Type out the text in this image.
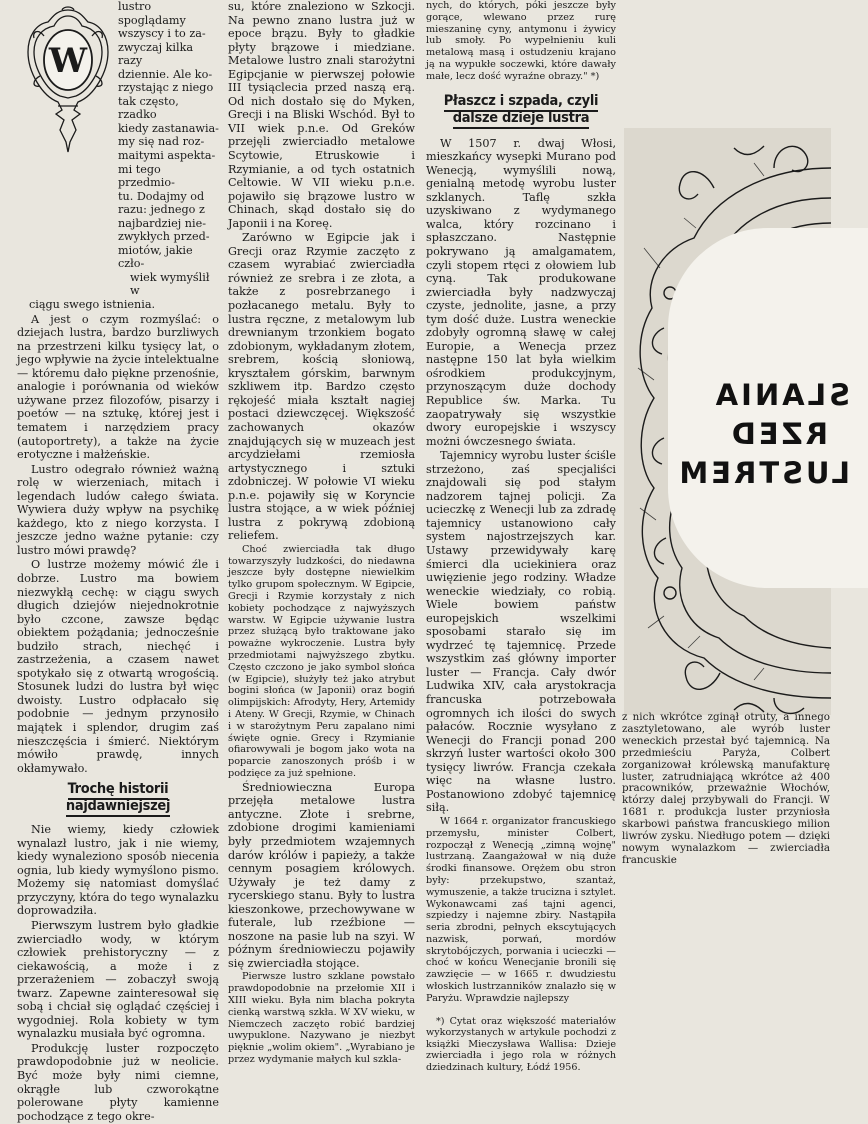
W
lustro spoglądamy
wszyscy i to za-
zwyczaj kilka razy
dziennie. Ale ko-
rzystając z niego
tak często, rzadko
kiedy zastanawia-
my się nad roz-
maitymi aspekta-
mi tego przedmio-
tu. Dodajmy od
razu: jednego z
najbardziej nie-
zwykłych przed-
miotów, jakie czło-
wiek wymyślił w

ciągu swego istnienia.

A jest o czym rozmyślać: o dziejach lustra, bardzo burzliwych na przestrzeni kilku tysięcy lat, o jego wpływie na życie intelektualne — któremu dało piękne przenośnie, analogie i porównania od wieków używane przez filozofów, pisarzy i poetów — na sztukę, której jest i tematem i narzędziem pracy (autoportrety), a także na życie erotyczne i małżeńskie.

Lustro odegrało również ważną rolę w wierzeniach, mitach i legendach ludów całego świata. Wywiera duży wpływ na psychikę każdego, kto z niego korzysta. I jeszcze jedno ważne pytanie: czy lustro mówi prawdę?

O lustrze możemy mówić źle i dobrze. Lustro ma bowiem niezwykłą cechę: w ciągu swych długich dziejów niejednokrotnie było czcone, zawsze będąc obiektem pożądania; jednocześnie budziło strach, niechęć i zastrzeżenia, a czasem nawet spotykało się z otwartą wrogością. Stosunek ludzi do lustra był więc dwoisty. Lustro odpłacało się podobnie — jednym przynosiło majątek i splendor, drugim zaś nieszczęścia i śmierć. Niektórym mówiło prawdę, innych okłamywało.

Trochę historii najdawniejszej

Nie wiemy, kiedy człowiek wynalazł lustro, jak i nie wiemy, kiedy wynaleziono sposób niecenia ognia, lub kiedy wymyślono pismo. Możemy się natomiast domyślać przyczyny, która do tego wynalazku doprowadziła.

Pierwszym lustrem było gładkie zwierciadło wody, w którym człowiek prehistoryczny — z ciekawością, a może i z przerażeniem — zobaczył swoją twarz. Zapewne zainteresował się sobą i chciał się oglądać częściej i wygodniej. Rola kobiety w tym wynalazku musiała być ogromna.

Produkcję luster rozpoczęto prawdopodobnie już w neolicie. Być może były nimi ciemne, okrągłe lub czworokątne polerowane płyty kamienne pochodzące z tego okre-

su, które znaleziono w Szkocji. Na pewno znano lustra już w epoce brązu. Były to gładkie płyty brązowe i miedziane. Metalowe lustro znali starożytni Egipcjanie w pierwszej połowie III tysiąclecia przed naszą erą. Od nich dostało się do Myken, Grecji i na Bliski Wschód. Był to VII wiek p.n.e. Od Greków przejęli zwierciadło metalowe Scytowie, Etruskowie i Rzymianie, a od tych ostatnich Celtowie. W VII wieku p.n.e. pojawiło się brązowe lustro w Chinach, skąd dostało się do Japonii i na Koreę.

Zarówno w Egipcie jak i Grecji oraz Rzymie zaczęto z czasem wyrabiać zwierciadła również ze srebra i ze złota, a także z posrebrzanego i pozłacanego metalu. Były to lustra ręczne, z metalowym lub drewnianym trzonkiem bogato zdobionym, wykładanym złotem, srebrem, kością słoniową, kryształem górskim, barwnym szkliwem itp. Bardzo często rękojeść miała kształt nagiej postaci dziewczęcej. Większość zachowanych okazów znajdujących się w muzeach jest arcydziełami rzemiosła artystycznego i sztuki zdobniczej. W połowie VI wieku p.n.e. pojawiły się w Koryncie lustra stojące, a w wiek później lustra z pokrywą zdobioną reliefem.

Choć zwierciadła tak długo towarzyszyły ludzkości, do niedawna jeszcze były dostępne niewielkim tylko grupom społecznym. W Egipcie, Grecji i Rzymie korzystały z nich kobiety pochodzące z najwyższych warstw. W Egipcie używanie lustra przez służącą było traktowane jako poważne wykroczenie. Lustra były przedmiotami najwyższego zbytku. Często czczono je jako symbol słońca (w Egipcie), służyły też jako atrybut bogini słońca (w Japonii) oraz bogiń olimpijskich: Afrodyty, Hery, Artemidy i Ateny. W Grecji, Rzymie, w Chinach i w starożytnym Peru zapalano nimi święte ognie. Grecy i Rzymianie ofiarowywali je bogom jako wota na poparcie zanoszonych próśb i w podzięce za już spełnione.

Średniowieczna Europa przejęła metalowe lustra antyczne. Złote i srebrne, zdobione drogimi kamieniami były przedmiotem wzajemnych darów królów i papieży, a także cennym posagiem królowych. Używały je też damy z rycerskiego stanu. Były to lustra kieszonkowe, przechowywane w futerale, lub rzeźbione — noszone na pasie lub na szyi. W późnym średniowieczu pojawiły się zwierciadła stojące.

Pierwsze lustro szklane powstało prawdopodobnie na przełomie XII i XIII wieku. Była nim blacha pokryta cienką warstwą szkła. W XV wieku, w Niemczech zaczęto robić bardziej uwypuklone. Nazywano je niezbyt pięknie „wolim okiem". „Wyrabiano je przez wydymanie małych kul szkla-

nych, do których, póki jeszcze były gorące, wlewano przez rurę mieszaninę cyny, antymonu i żywicy lub smoły. Po wypełnieniu kuli metalową masą i ostudzeniu krajano ją na wypukłe soczewki, które dawały małe, lecz dość wyraźne obrazy." *)

Płaszcz i szpada, czyli dalsze dzieje lustra

W 1507 r. dwaj Włosi, mieszkańcy wysepki Murano pod Wenecją, wymyślili nową, genialną metodę wyrobu luster szklanych. Taflę szkła uzyskiwano z wydymanego walca, który rozcinano i spłaszczano. Następnie pokrywano ją amalgamatem, czyli stopem rtęci z ołowiem lub cyną. Tak produkowane zwierciadła były nadzwyczaj czyste, jednolite, jasne, a przy tym dość duże. Lustra weneckie zdobyły ogromną sławę w całej Europie, a Wenecja przez następne 150 lat była wielkim ośrodkiem produkcyjnym, przynoszącym duże dochody Republice św. Marka. Tu zaopatrywały się wszystkie dwory europejskie i wszyscy możni ówczesnego świata.

Tajemnicy wyrobu luster ściśle strzeżono, zaś specjaliści znajdowali się pod stałym nadzorem tajnej policji. Za ucieczkę z Wenecji lub za zdradę tajemnicy ustanowiono cały system najostrzejszych kar. Ustawy przewidywały karę śmierci dla uciekiniera oraz uwięzienie jego rodziny. Władze weneckie wiedziały, co robią. Wiele bowiem państw europejskich wszelkimi sposobami starało się im wydrzeć tę tajemnicę. Przede wszystkim zaś główny importer luster — Francja. Cały dwór Ludwika XIV, cała arystokracja francuska potrzebowała ogromnych ich ilości do swych pałaców. Rocznie wysyłano z Wenecji do Francji ponad 200 skrzyń luster wartości około 300 tysięcy liwrów. Francja czekała więc na własne lustro. Postanowiono zdobyć tajemnicę siłą.

W 1664 r. organizator francuskiego przemysłu, minister Colbert, rozpoczął z Wenecją „zimną wojnę" lustrzaną. Zaangażował w nią duże środki finansowe. Orężem obu stron były: przekupstwo, szantaż, wymuszenie, a także trucizna i sztylet. Wykonawcami zaś tajni agenci, szpiedzy i najemne zbiry. Nastąpiła seria zbrodni, pełnych ekscytujących nazwisk, porwań, mordów skrytobójczych, porwania i ucieczki — choć w końcu Wenecjanie bronili się zawzięcie — w 1665 r. dwudziestu włoskich lustrzanników znalazło się w Paryżu. Wprawdzie najlepszy

*) Cytat oraz większość materiałów wykorzystanych w artykule pochodzi z książki Mieczysława Wallisa: Dzieje zwierciadła i jego rola w różnych dziedzinach kultury, Łódź 1956.

SLANIA
RZED
LUSTREM

z nich wkrótce zginął otruty, a innego zasztyletowano, ale wyrób luster weneckich przestał być tajemnicą. Na przedmieściu Paryża, Colbert zorganizował królewską manufakturę luster, zatrudniającą wkrótce aż 400 pracowników, przeważnie Włochów, którzy dalej przybywali do Francji. W 1681 r. produkcja luster przyniosła skarbowi państwa francuskiego milion liwrów zysku. Niedługo potem — dzięki nowym wynalazkom — zwierciadła francuskie
